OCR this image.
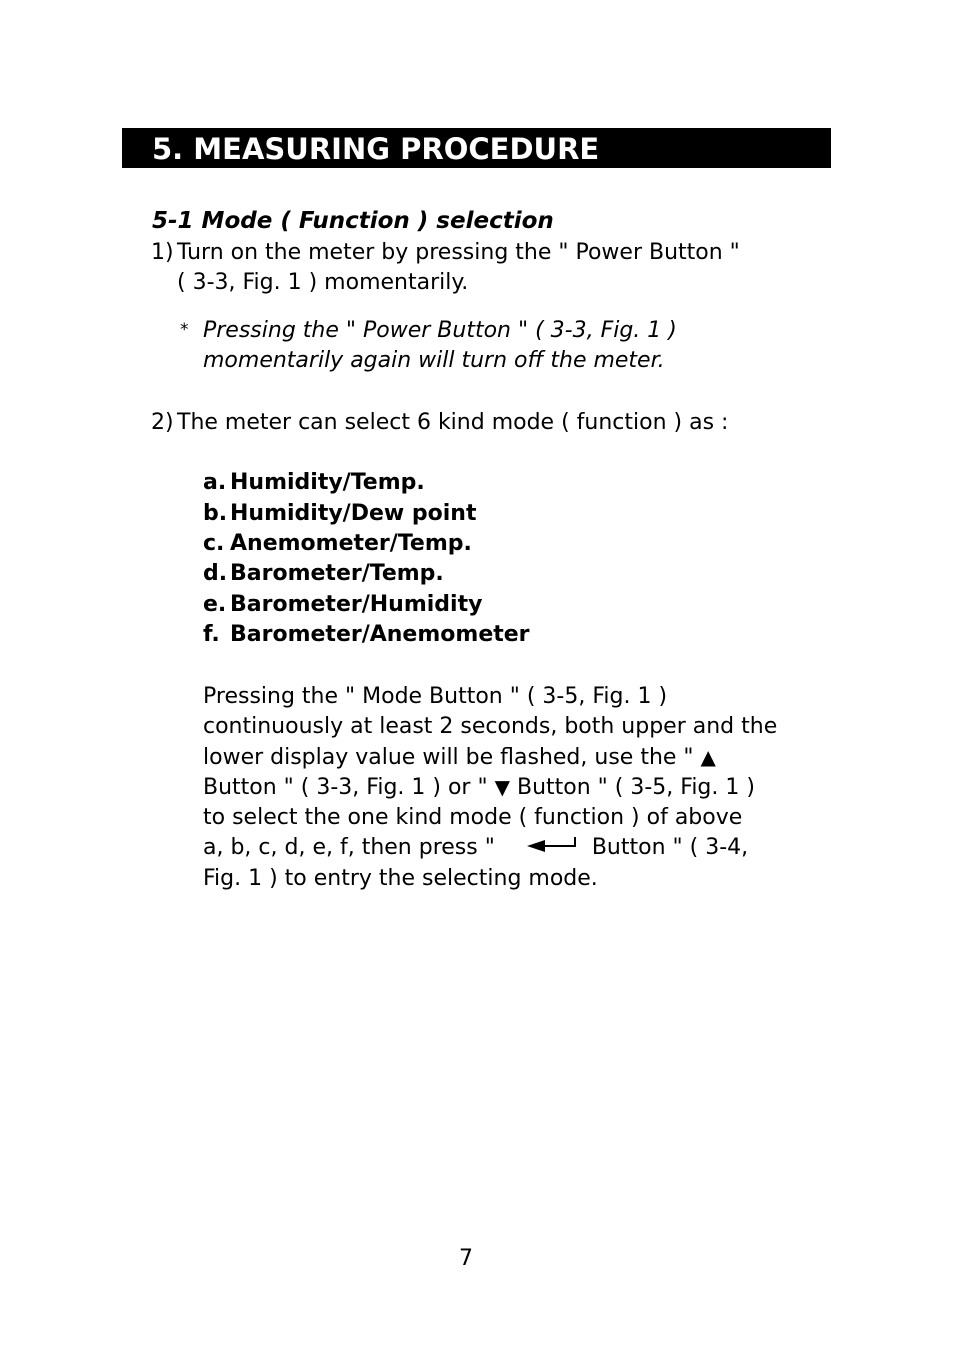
5. MEASURING PROCEDURE
5-1 Mode ( Function ) selection
1) Turn on the meter by pressing the " Power Button "
( 3-3, Fig. 1 ) momentarily.
* Pressing the " Power Button " ( 3-3, Fig. 1 )
momentarily again will turn off the meter.
2) The meter can select 6 kind mode ( function ) as :
a. Humidity/Temp.
b. Humidity/Dew point
c. Anemometer/Temp.
d. Barometer/Temp.
e. Barometer/Humidity
f. Barometer/Anemometer
Pressing the " Mode Button " ( 3-5, Fig. 1 )
continuously at least 2 seconds, both upper and the
lower display value will be flashed, use the " ▲
Button " ( 3-3, Fig. 1 ) or " ▼ Button " ( 3-5, Fig. 1 )
to select the one kind mode ( function ) of above
a, b, c, d, e, f, then press "	Button " ( 3-4,
Fig. 1 ) to entry the selecting mode.
7
